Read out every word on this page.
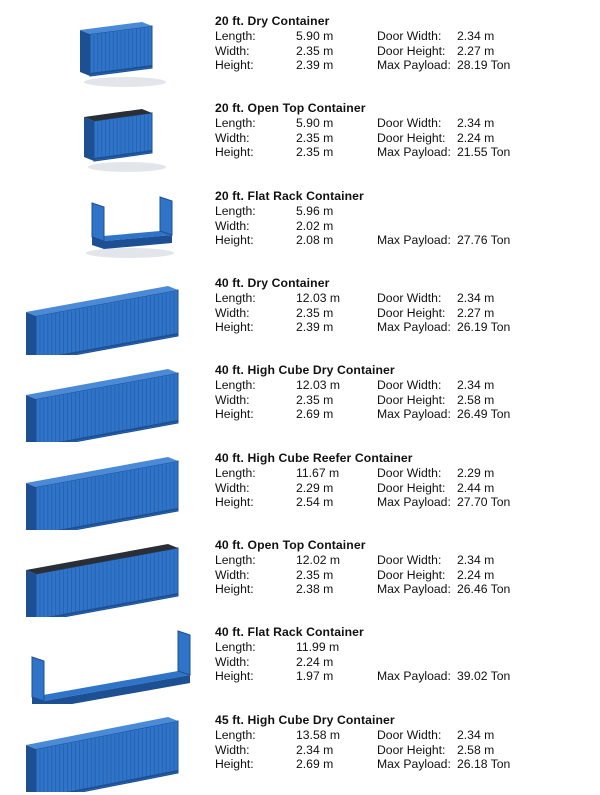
20 ft. Dry Container
Length:	5.90 m	Door Width: 2.34 m
Width:	2.35 m	Door Height: 2.27 m
Height:	2.39 m	Max Payload: 28.19 Ton
20 ft. Open Top Container
Length:	5.90 m	Door Width: 2.34 m
Width:	2.35 m	Door Height: 2.24 m
Height:	2.35 m	Max Payload: 21.55 Ton
20 ft. Flat Rack Container
Length:	5.96 m
Width:	2.02 m
Height:	2.08 m	Max Payload: 27.76 Ton
40 ft. Dry Container
Length:	12.03 m	Door Width: 2.34 m
Width:	2.35 m	Door Height: 2.27 m
Height:	2.39 m	Max Payload: 26.19 Ton
40 ft. High Cube Dry Container
Length:	12.03 m	Door Width: 2.34 m
Width:	2.35 m	Door Height: 2.58 m
Height:	2.69 m	Max Payload: 26.49 Ton
40 ft. High Cube Reefer Container
Length:	11.67 m	Door Width: 2.29 m
Width:	2.29 m	Door Height: 2.44 m
Height:	2.54 m	Max Payload: 27.70 Ton
40 ft. Open Top Container
Length:	12.02 m	Door Width: 2.34 m
Width:	2.35 m	Door Height: 2.24 m
Height:	2.38 m	Max Payload: 26.46 Ton
40 ft. Flat Rack Container
Length:	11.99 m
Width:	2.24 m
Height:	1.97 m	Max Payload: 39.02 Ton
45 ft. High Cube Dry Container
Length:	13.58 m	Door Width: 2.34 m
Width:	2.34 m	Door Height: 2.58 m
Height:	2.69 m	Max Payload: 26.18 Ton
